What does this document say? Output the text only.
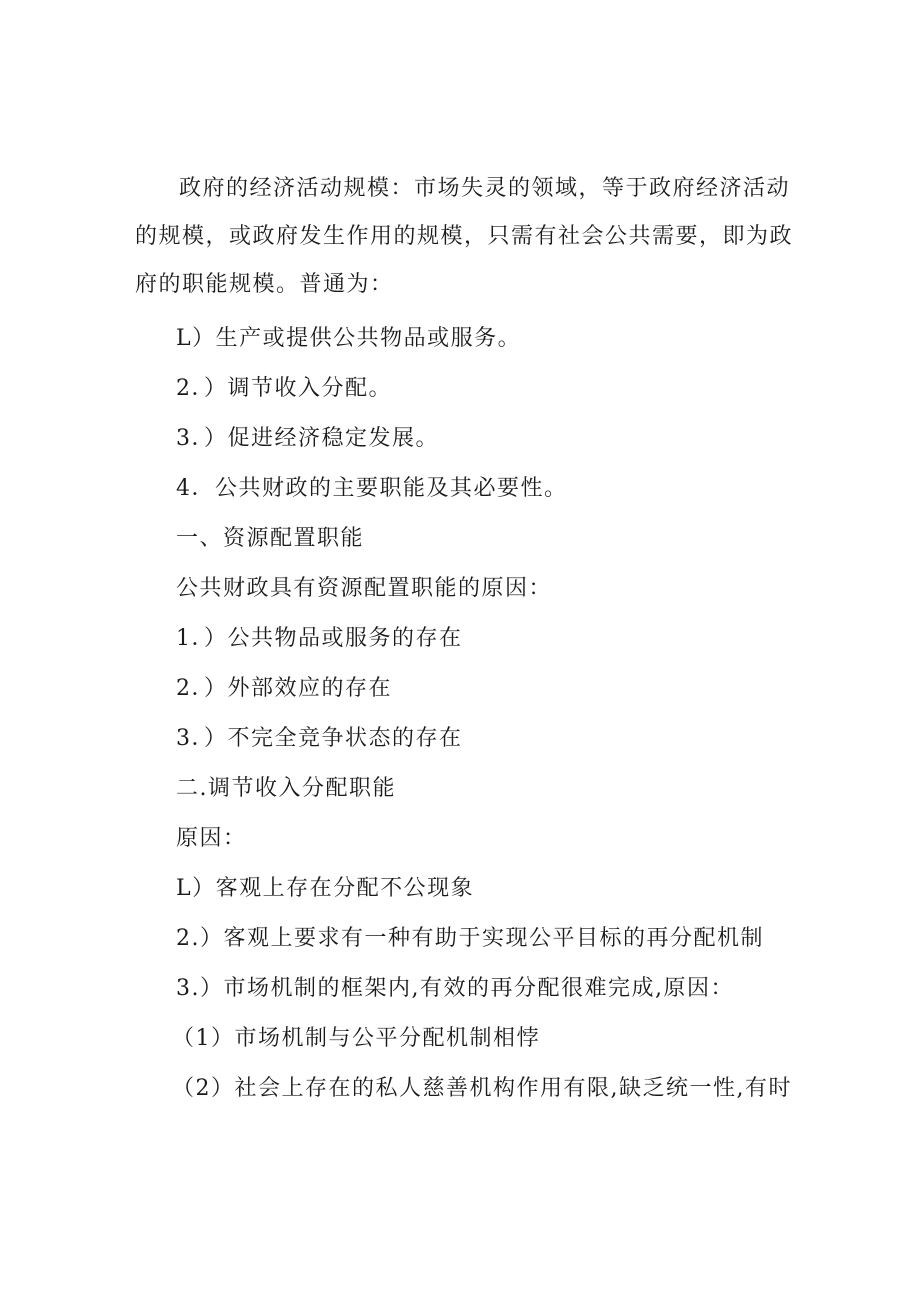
政府的经济活动规模：市场失灵的领域，等于政府经济活动的规模，或政府发生作用的规模，只需有社会公共需要，即为政府的职能规模。普通为：

L）生产或提供公共物品或服务。

2．）调节收入分配。

3．）促进经济稳定发展。

4．公共财政的主要职能及其必要性。

一、资源配置职能

公共财政具有资源配置职能的原因：

1．）公共物品或服务的存在

2．）外部效应的存在

3．）不完全竞争状态的存在

二.调节收入分配职能

原因：

L）客观上存在分配不公现象

2.）客观上要求有一种有助于实现公平目标的再分配机制

3.）市场机制的框架内,有效的再分配很难完成,原因：

（1）市场机制与公平分配机制相悖

（2）社会上存在的私人慈善机构作用有限,缺乏统一性,有时
